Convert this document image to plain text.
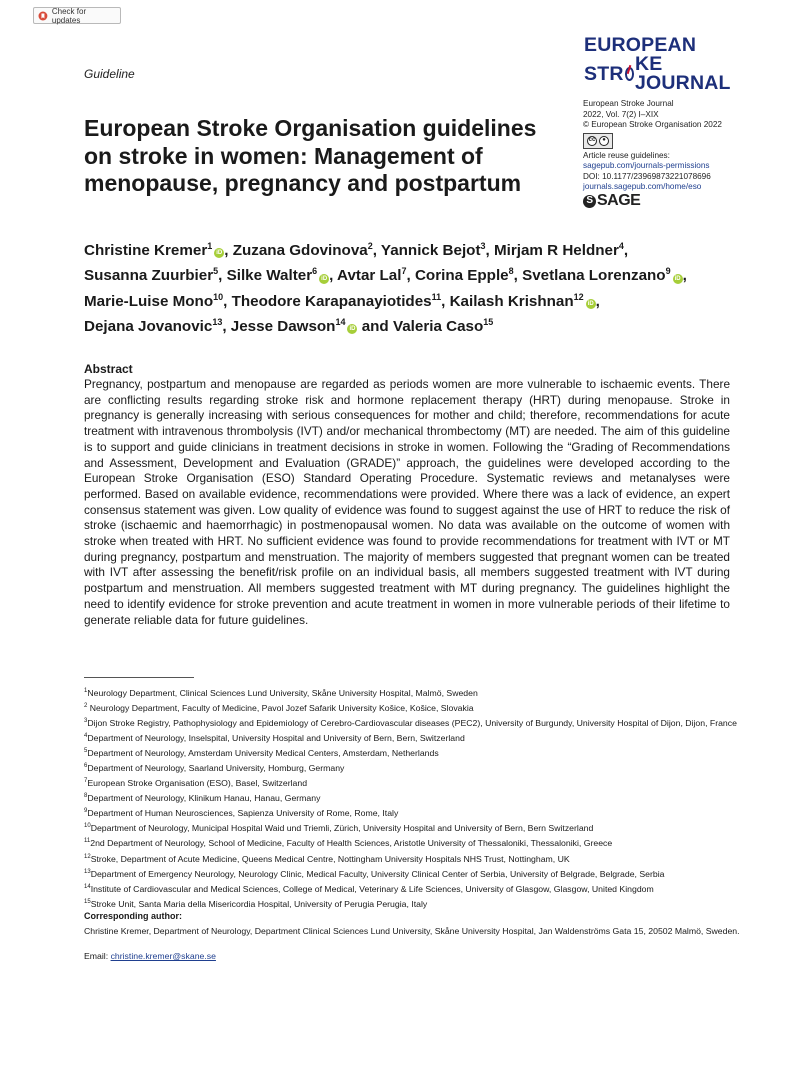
Check for updates
Guideline
EUROPEAN
STR KE JOURNAL
European Stroke Journal
2022, Vol. 7(2) I–XIX
© European Stroke Organisation 2022
cc	●
Article reuse guidelines:
sagepub.com/journals-permissions
DOI: 10.1177/23969873221078696
journals.sagepub.com/home/eso
S SAGE
European Stroke Organisation guidelines on stroke in women: Management of menopause, pregnancy and postpartum
Christine Kremer$^1$iD , Zuzana Gdovinova$^2$, Yannick Bejot$^3$, Mirjam R Heldner$^4$,
Susanna Zuurbier$^5$, Silke Walter$^6$iD , Avtar Lal$^7$, Corina Epple$^8$, Svetlana Lorenzano$^9$iD ,
Marie-Luise Mono$^{10}$, Theodore Karapanayiotides$^{11}$, Kailash Krishnan$^{12}$iD ,
Dejana Jovanovic$^{13}$, Jesse Dawson$^{14}$iD and Valeria Caso$^{15}$
Abstract

Pregnancy, postpartum and menopause are regarded as periods women are more vulnerable to ischaemic events. There are conflicting results regarding stroke risk and hormone replacement therapy (HRT) during menopause. Stroke in pregnancy is generally increasing with serious consequences for mother and child; therefore, recommendations for acute treatment with intravenous thrombolysis (IVT) and/or mechanical thrombectomy (MT) are needed. The aim of this guideline is to support and guide clinicians in treatment decisions in stroke in women. Following the “Grading of Recommendations and Assessment, Development and Evaluation (GRADE)” approach, the guidelines were developed according to the European Stroke Organisation (ESO) Standard Operating Procedure. Systematic reviews and metanalyses were performed. Based on available evidence, recommendations were provided. Where there was a lack of evidence, an expert consensus statement was given. Low quality of evidence was found to suggest against the use of HRT to reduce the risk of stroke (ischaemic and haemorrhagic) in postmenopausal women. No data was available on the outcome of women with stroke when treated with HRT. No sufficient evidence was found to provide recommendations for treatment with IVT or MT during pregnancy, postpartum and menstruation. The majority of members suggested that pregnant women can be treated with IVT after assessing the benefit/risk profile on an individual basis, all members suggested treatment with IVT during postpartum and menstruation. All members suggested treatment with MT during pregnancy. The guidelines highlight the need to identify evidence for stroke prevention and acute treatment in women in more vulnerable periods of their lifetime to generate reliable data for future guidelines.

$^1$Neurology Department, Clinical Sciences Lund University, Skåne University Hospital, Malmö, Sweden
$^2$ Neurology Department, Faculty of Medicine, Pavol Jozef Safarik University Košice, Košice, Slovakia
$^3$Dijon Stroke Registry, Pathophysiology and Epidemiology of Cerebro-Cardiovascular diseases (PEC2), University of Burgundy, University Hospital of Dijon, Dijon, France
$^4$Department of Neurology, Inselspital, University Hospital and University of Bern, Bern, Switzerland
$^5$Department of Neurology, Amsterdam University Medical Centers, Amsterdam, Netherlands
$^6$Department of Neurology, Saarland University, Homburg, Germany
$^7$European Stroke Organisation (ESO), Basel, Switzerland
$^8$Department of Neurology, Klinikum Hanau, Hanau, Germany
$^9$Department of Human Neurosciences, Sapienza University of Rome, Rome, Italy
$^{10}$Department of Neurology, Municipal Hospital Waid und Triemli, Zürich, University Hospital and University of Bern, Bern Switzerland
$^{11}$2nd Department of Neurology, School of Medicine, Faculty of Health Sciences, Aristotle University of Thessaloniki, Thessaloniki, Greece
$^{12}$Stroke, Department of Acute Medicine, Queens Medical Centre, Nottingham University Hospitals NHS Trust, Nottingham, UK
$^{13}$Department of Emergency Neurology, Neurology Clinic, Medical Faculty, University Clinical Center of Serbia, University of Belgrade, Belgrade, Serbia
$^{14}$Institute of Cardiovascular and Medical Sciences, College of Medical, Veterinary & Life Sciences, University of Glasgow, Glasgow, United Kingdom
$^{15}$Stroke Unit, Santa Maria della Misericordia Hospital, University of Perugia Perugia, Italy
Corresponding author:
Christine Kremer, Department of Neurology, Department Clinical Sciences Lund University, Skåne University Hospital, Jan Waldenströms Gata 15, 20502 Malmö, Sweden.
Email: christine.kremer@skane.se
